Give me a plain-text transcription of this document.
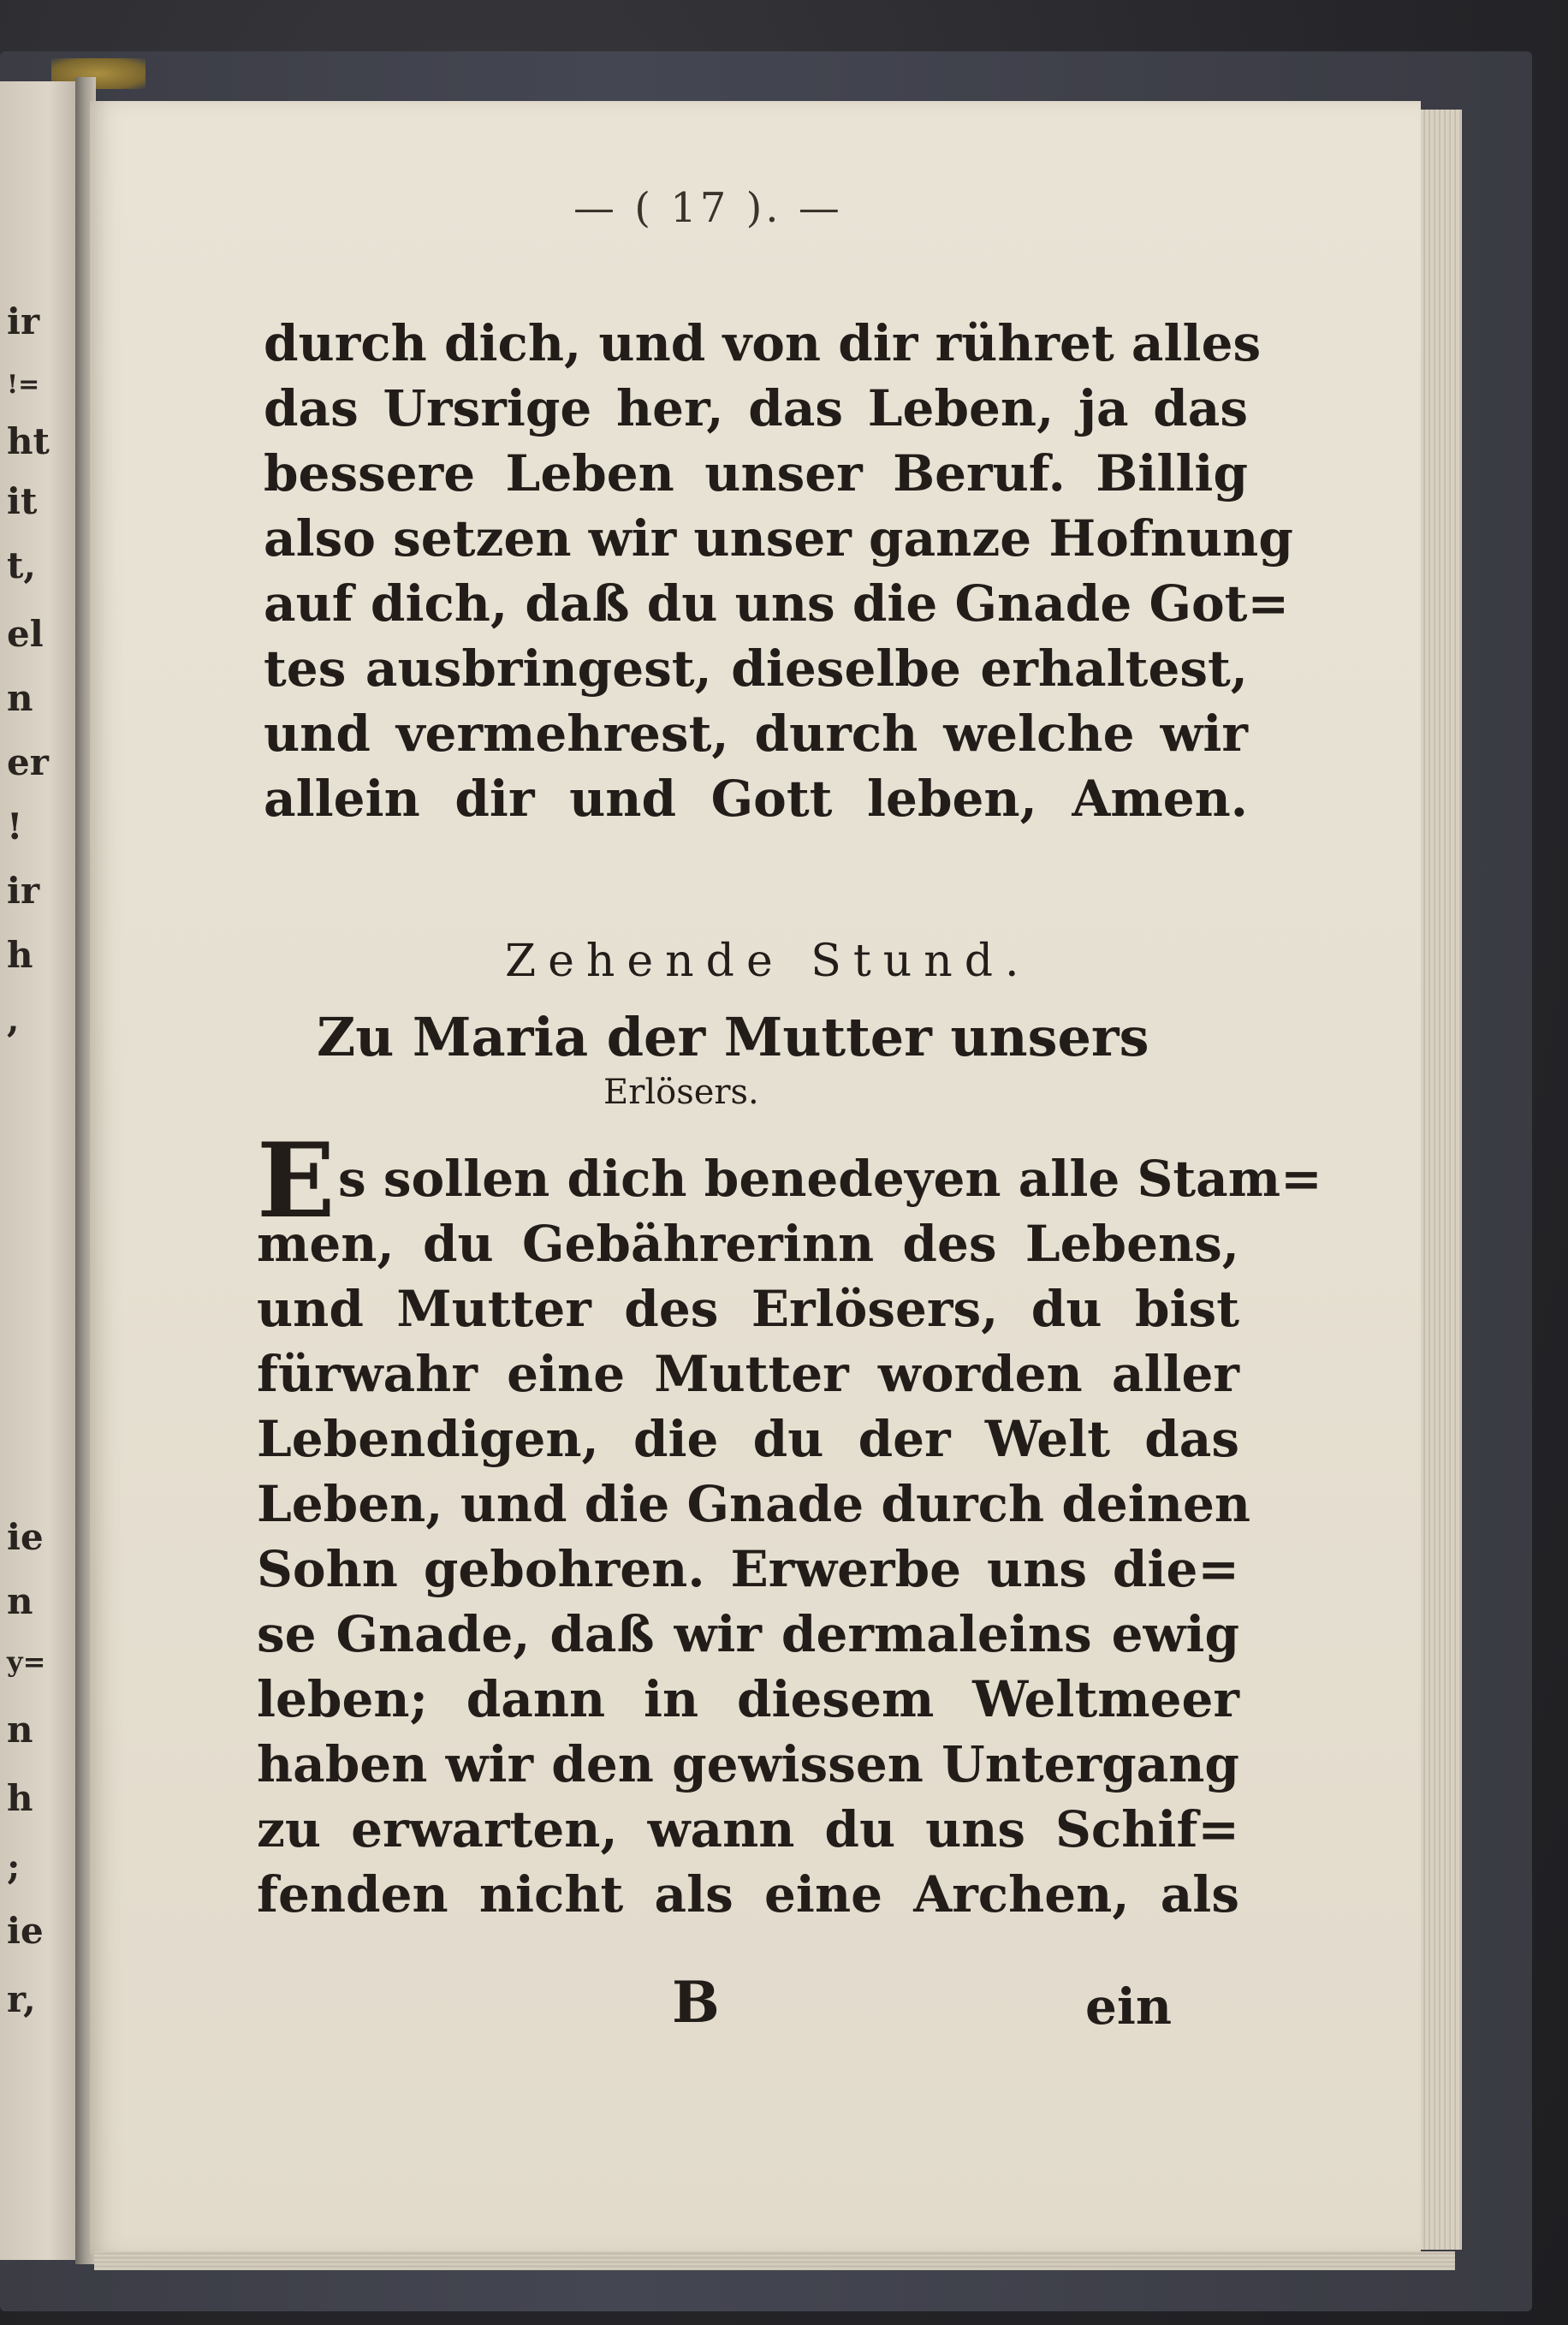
ir
!=
ht
it
t,
el
n
er
!
ir
h
,
ie
n
y=
n
h
;
ie
r,
— ( 17 ). —
durch dich, und von dir rühret alles
das Ursrige her, das Leben, ja das
bessere Leben unser Beruf. Billig
also setzen wir unser ganze Hofnung
auf dich, daß du uns die Gnade Got=
tes ausbringest, dieselbe erhaltest,
und vermehrest, durch welche wir
allein dir und Gott leben, Amen.
Zehende Stund.
Zu Maria der Mutter unsers
Erlösers.
E s sollen dich benedeyen alle Stam=
men, du Gebährerinn des Lebens,
und Mutter des Erlösers, du bist
fürwahr eine Mutter worden aller
Lebendigen, die du der Welt das
Leben, und die Gnade durch deinen
Sohn gebohren. Erwerbe uns die=
se Gnade, daß wir dermaleins ewig
leben; dann in diesem Weltmeer
haben wir den gewissen Untergang
zu erwarten, wann du uns Schif=
fenden nicht als eine Archen, als
B	ein
